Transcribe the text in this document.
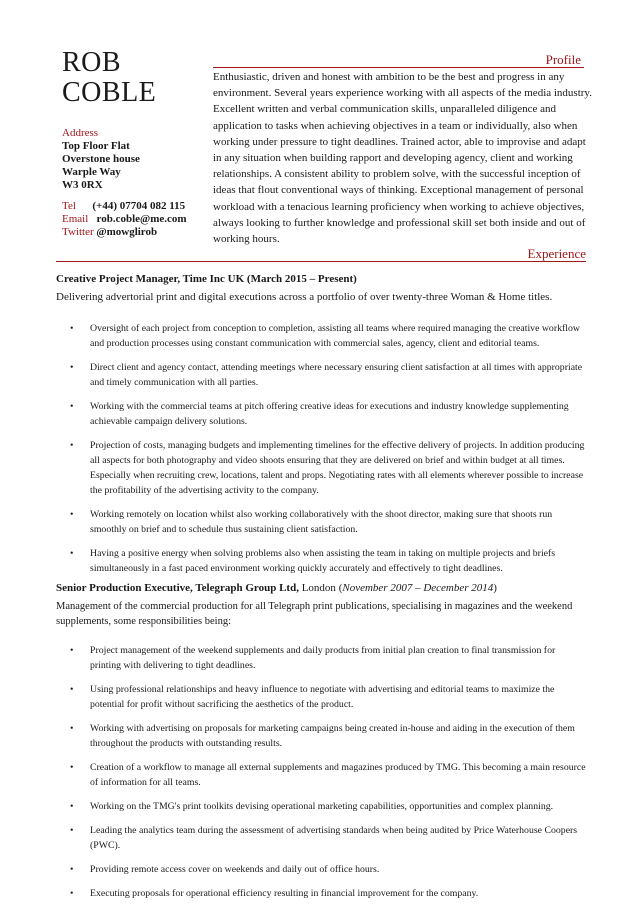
ROB
COBLE
Address
Top Floor Flat
Overstone house
Warple Way
W3 0RX
Tel (+44) 07704 082 115
Email rob.coble@me.com
Twitter @mowglirob
Profile
Enthusiastic, driven and honest with ambition to be the best and progress in any environment. Several years experience working with all aspects of the media industry. Excellent written and verbal communication skills, unparalleled diligence and application to tasks when achieving objectives in a team or individually, also when working under pressure to tight deadlines. Trained actor, able to improvise and adapt in any situation when building rapport and developing agency, client and working relationships. A consistent ability to problem solve, with the successful inception of ideas that flout conventional ways of thinking. Exceptional management of personal workload with a tenacious learning proficiency when working to achieve objectives, always looking to further knowledge and professional skill set both inside and out of working hours.
Experience

Creative Project Manager, Time Inc UK (March 2015 – Present)

Delivering advertorial print and digital executions across a portfolio of over twenty-three Woman & Home titles.

• Oversight of each project from conception to completion, assisting all teams where required managing the creative workflow and production processes using constant communication with commercial sales, agency, client and editorial teams.
• Direct client and agency contact, attending meetings where necessary ensuring client satisfaction at all times with appropriate and timely communication with all parties.
• Working with the commercial teams at pitch offering creative ideas for executions and industry knowledge supplementing achievable campaign delivery solutions.
• Projection of costs, managing budgets and implementing timelines for the effective delivery of projects. In addition producing all aspects for both photography and video shoots ensuring that they are delivered on brief and within budget at all times. Especially when recruiting crew, locations, talent and props. Negotiating rates with all elements wherever possible to increase the profitability of the advertising activity to the company.
• Working remotely on location whilst also working collaboratively with the shoot director, making sure that shoots run smoothly on brief and to schedule thus sustaining client satisfaction.
• Having a positive energy when solving problems also when assisting the team in taking on multiple projects and briefs simultaneously in a fast paced environment working quickly accurately and effectively to tight deadlines.

Senior Production Executive, Telegraph Group Ltd, London (November 2007 – December 2014)

Management of the commercial production for all Telegraph print publications, specialising in magazines and the weekend supplements, some responsibilities being:

• Project management of the weekend supplements and daily products from initial plan creation to final transmission for printing with delivering to tight deadlines.
• Using professional relationships and heavy influence to negotiate with advertising and editorial teams to maximize the potential for profit without sacrificing the aesthetics of the product.
• Working with advertising on proposals for marketing campaigns being created in-house and aiding in the execution of them throughout the products with outstanding results.
• Creation of a workflow to manage all external supplements and magazines produced by TMG. This becoming a main resource of information for all teams.
• Working on the TMG's print toolkits devising operational marketing capabilities, opportunities and complex planning.
• Leading the analytics team during the assessment of advertising standards when being audited by Price Waterhouse Coopers (PWC).
• Providing remote access cover on weekends and daily out of office hours.
• Executing proposals for operational efficiency resulting in financial improvement for the company.
